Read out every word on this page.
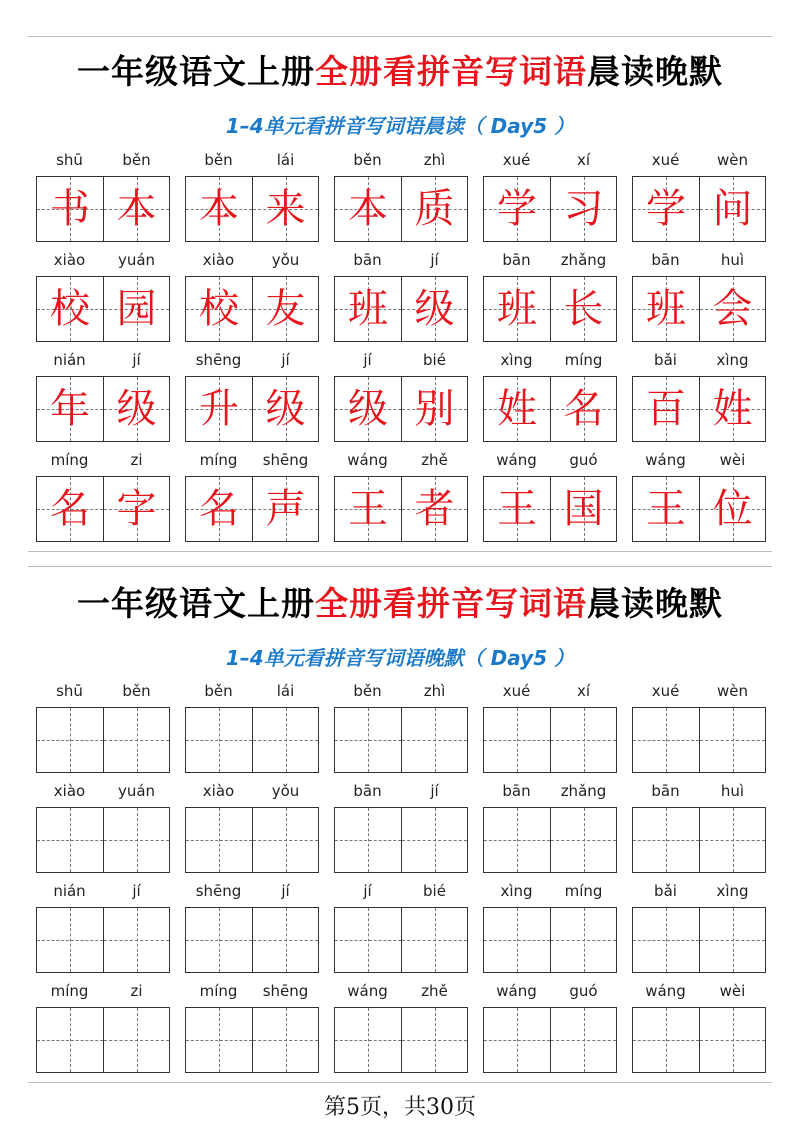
一年级语文上册全册看拼音写词语晨读晚默
1–4单元看拼音写词语晨读（ Day5 ）
shū	běn
书 本
běn	lái
本 来
běn	zhì
本 质
xué	xí
学 习
xué	wèn
学 问
xiào	yuán
校 园
xiào	yǒu
校 友
bān	jí
班 级
bān	zhǎng
班 长
bān	huì
班 会
nián	jí
年 级
shēng	jí
升 级
jí	bié
级 别
xìng	míng
姓 名
bǎi	xìng
百 姓
míng	zi
名 字
míng	shēng
名 声
wáng	zhě
王 者
wáng	guó
王 国
wáng	wèi
王 位
一年级语文上册全册看拼音写词语晨读晚默
1–4单元看拼音写词语晚默（ Day5 ）
shū	běn	běn	lái	běn	zhì	xué	xí	xué	wèn
xiào	yuán	xiào	yǒu	bān	jí	bān	zhǎng	bān	huì
nián	jí	shēng	jí	jí	bié	xìng	míng	bǎi	xìng
míng	zi	míng	shēng	wáng	zhě	wáng	guó	wáng	wèi
第5页，共30页
